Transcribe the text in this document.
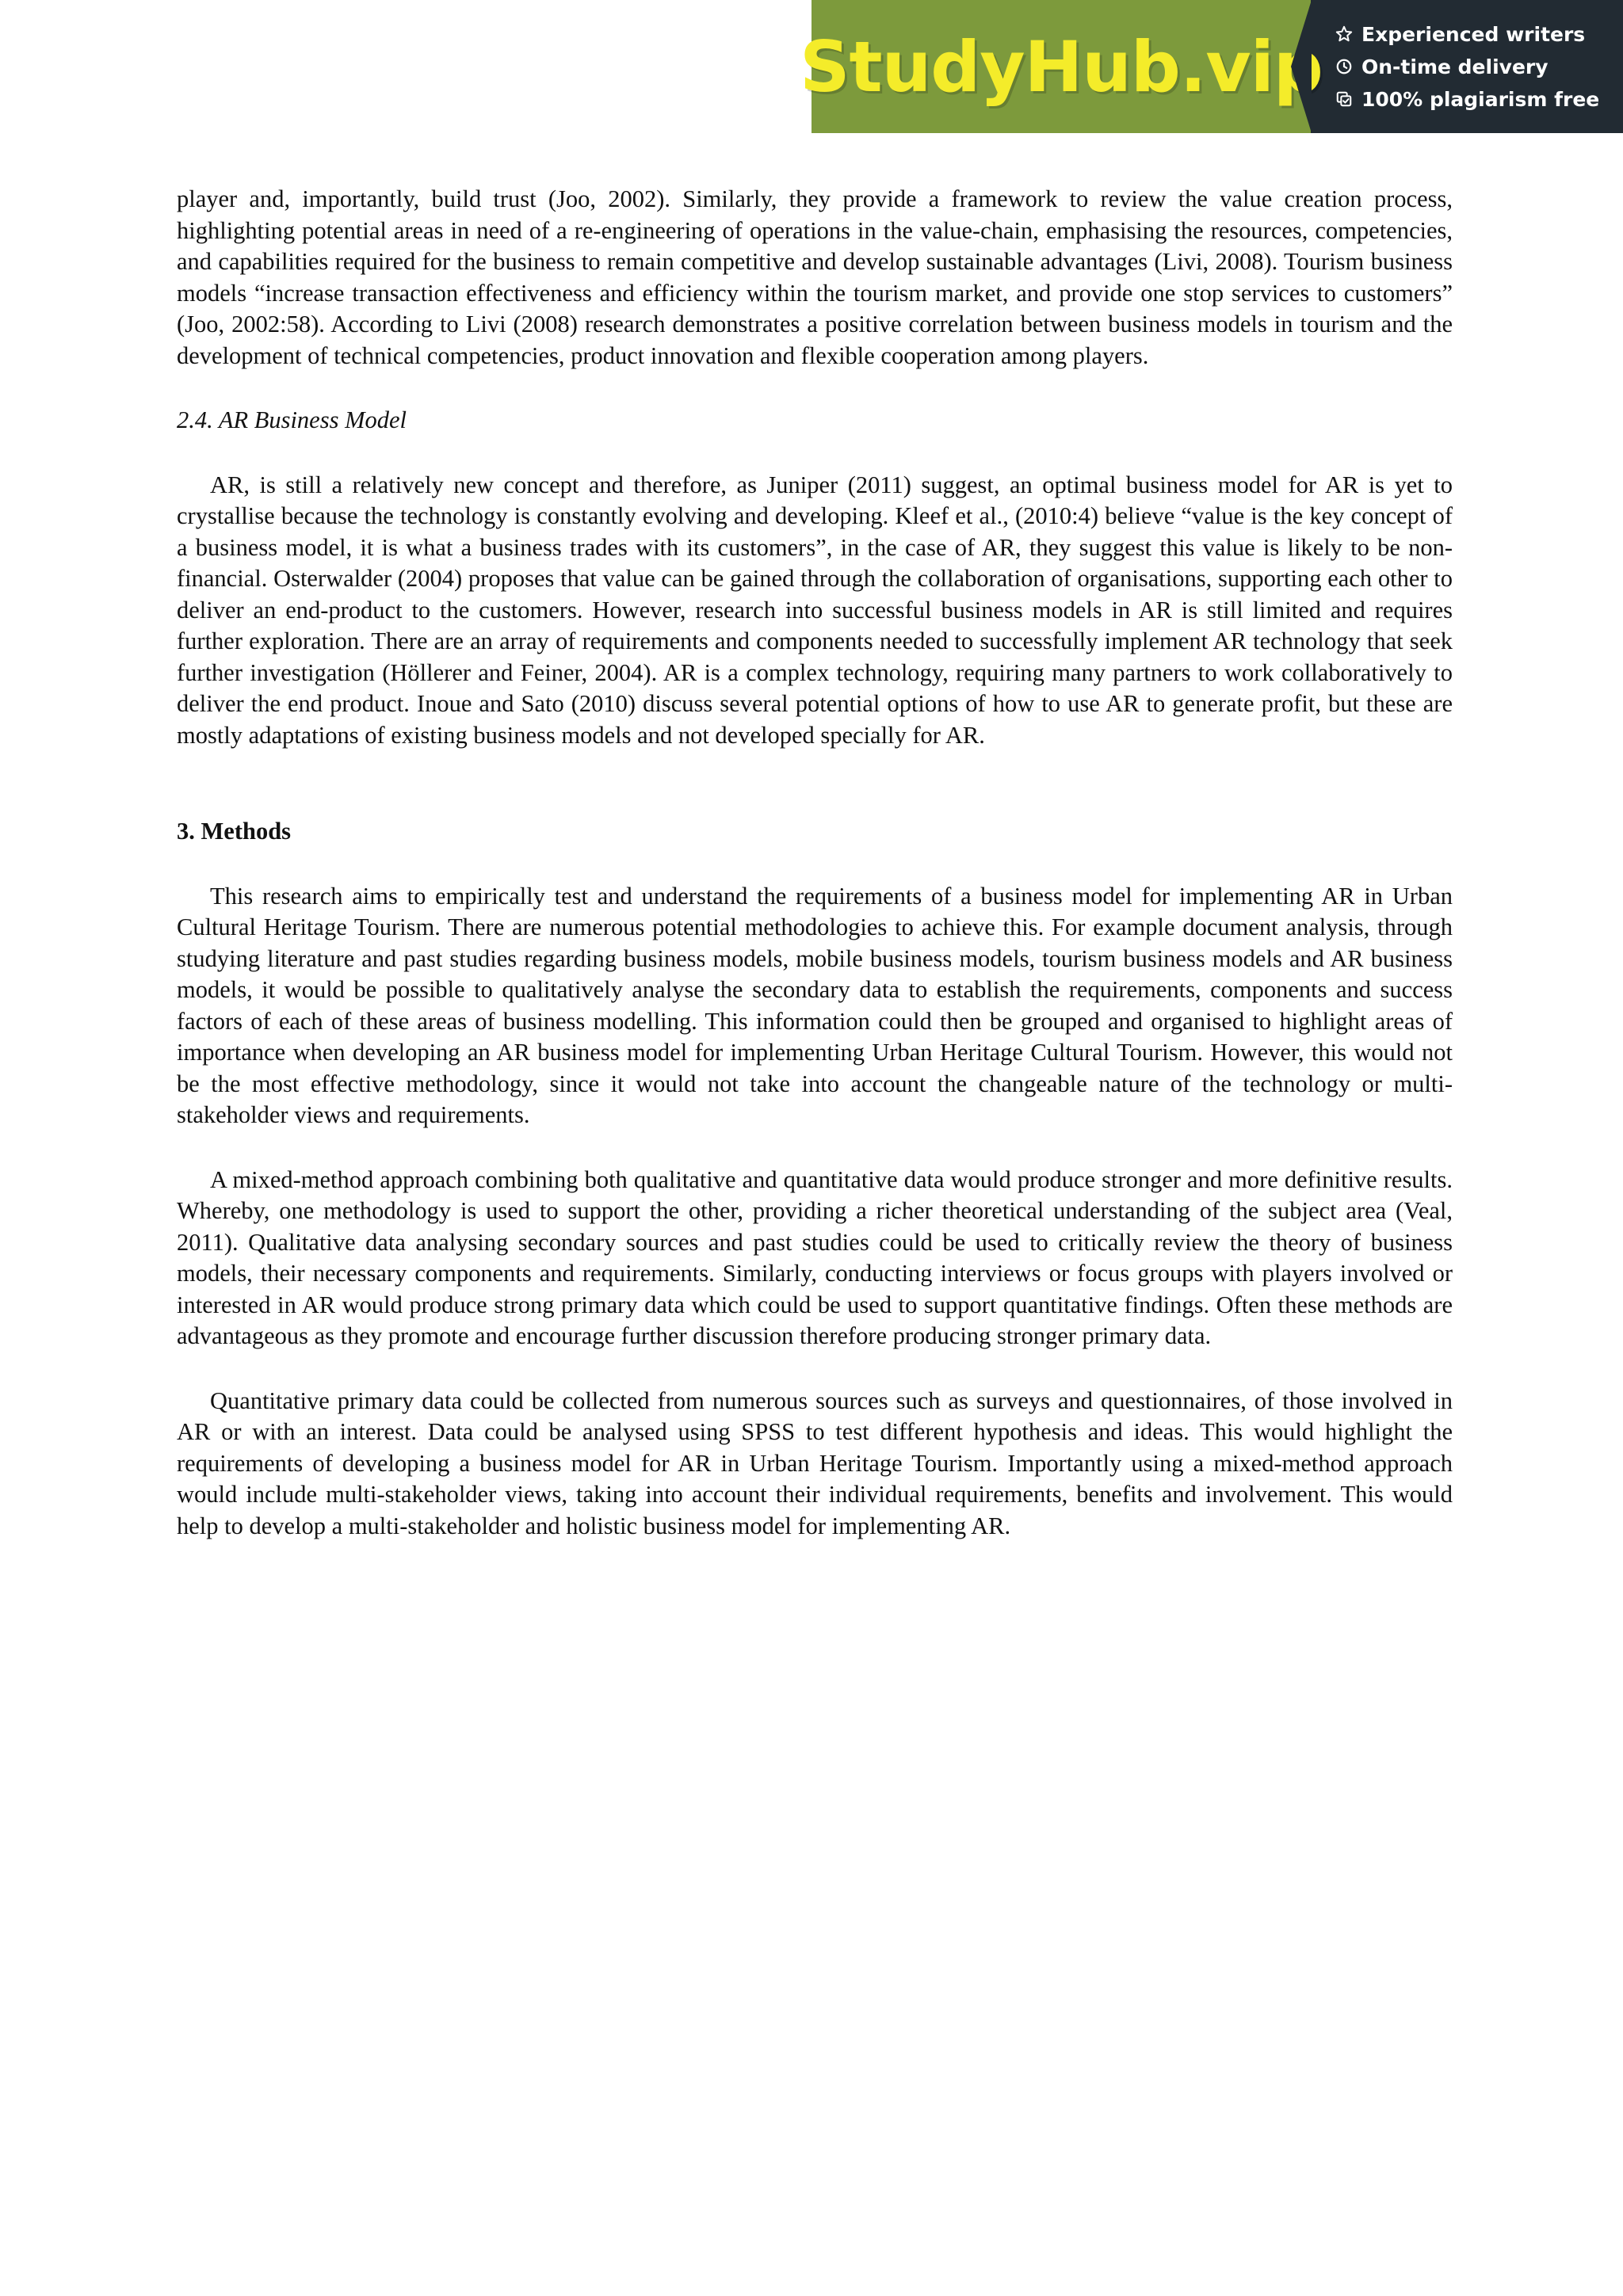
StudyHub.vip Experienced writers
On-time delivery
100% plagiarism free

player and, importantly, build trust (Joo, 2002). Similarly, they provide a framework to review the value creation process, highlighting potential areas in need of a re-engineering of operations in the value-chain, emphasising the resources, competencies, and capabilities required for the business to remain competitive and develop sustainable advantages (Livi, 2008). Tourism business models “increase transaction effectiveness and efficiency within the tourism market, and provide one stop services to customers” (Joo, 2002:58). According to Livi (2008) research demonstrates a positive correlation between business models in tourism and the development of technical competencies, product innovation and flexible cooperation among players.

2.4. AR Business Model

AR, is still a relatively new concept and therefore, as Juniper (2011) suggest, an optimal business model for AR is yet to crystallise because the technology is constantly evolving and developing. Kleef et al., (2010:4) believe “value is the key concept of a business model, it is what a business trades with its customers”, in the case of AR, they suggest this value is likely to be non-financial. Osterwalder (2004) proposes that value can be gained through the collaboration of organisations, supporting each other to deliver an end-product to the customers. However, research into successful business models in AR is still limited and requires further exploration. There are an array of requirements and components needed to successfully implement AR technology that seek further investigation (Höllerer and Feiner, 2004). AR is a complex technology, requiring many partners to work collaboratively to deliver the end product. Inoue and Sato (2010) discuss several potential options of how to use AR to generate profit, but these are mostly adaptations of existing business models and not developed specially for AR.

3. Methods

This research aims to empirically test and understand the requirements of a business model for implementing AR in Urban Cultural Heritage Tourism. There are numerous potential methodologies to achieve this. For example document analysis, through studying literature and past studies regarding business models, mobile business models, tourism business models and AR business models, it would be possible to qualitatively analyse the secondary data to establish the requirements, components and success factors of each of these areas of business modelling. This information could then be grouped and organised to highlight areas of importance when developing an AR business model for implementing Urban Heritage Cultural Tourism. However, this would not be the most effective methodology, since it would not take into account the changeable nature of the technology or multi-stakeholder views and requirements.

A mixed-method approach combining both qualitative and quantitative data would produce stronger and more definitive results. Whereby, one methodology is used to support the other, providing a richer theoretical understanding of the subject area (Veal, 2011). Qualitative data analysing secondary sources and past studies could be used to critically review the theory of business models, their necessary components and requirements. Similarly, conducting interviews or focus groups with players involved or interested in AR would produce strong primary data which could be used to support quantitative findings. Often these methods are advantageous as they promote and encourage further discussion therefore producing stronger primary data.

Quantitative primary data could be collected from numerous sources such as surveys and questionnaires, of those involved in AR or with an interest. Data could be analysed using SPSS to test different hypothesis and ideas. This would highlight the requirements of developing a business model for AR in Urban Heritage Tourism. Importantly using a mixed-method approach would include multi-stakeholder views, taking into account their individual requirements, benefits and involvement. This would help to develop a multi-stakeholder and holistic business model for implementing AR.
